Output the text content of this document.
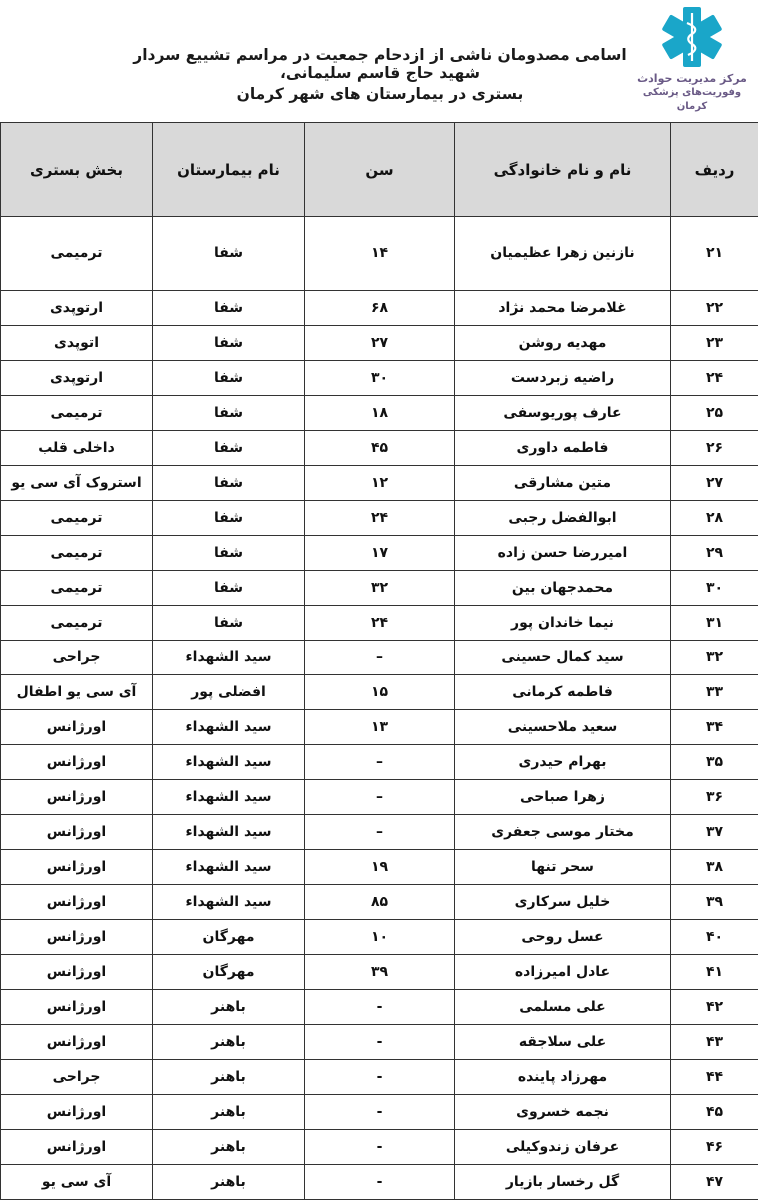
اسامی مصدومان ناشی از ازدحام جمعیت در مراسم تشییع سردار شهید حاج قاسم سلیمانی،
بستری در بیمارستان های شهر کرمان
مرکز مدیریت حوادث
وفوریت‌های پزشکی کرمان
ردیف	نام و نام خانوادگی	سن	نام بیمارستان	بخش بستری
۲۱	نازنین زهرا عظیمیان	۱۴	شفا	ترمیمی
۲۲	غلامرضا محمد نژاد	۶۸	شفا	ارتوپدی
۲۳	مهدیه روشن	۲۷	شفا	اتوپدی
۲۴	راضیه زبردست	۳۰	شفا	ارتوپدی
۲۵	عارف پوریوسفی	۱۸	شفا	ترمیمی
۲۶	فاطمه داوری	۴۵	شفا	داخلی قلب
۲۷	متین مشارقی	۱۲	شفا	استروک آی سی یو
۲۸	ابوالفضل رجبی	۲۴	شفا	ترمیمی
۲۹	امیررضا حسن زاده	۱۷	شفا	ترمیمی
۳۰	محمدجهان بین	۳۲	شفا	ترمیمی
۳۱	نیما خاندان پور	۲۴	شفا	ترمیمی
۳۲	سید کمال حسینی	–	سید الشهداء	جراحی
۳۳	فاطمه کرمانی	۱۵	افضلی پور	آی سی یو اطفال
۳۴	سعید ملاحسینی	۱۳	سید الشهداء	اورژانس
۳۵	بهرام حیدری	–	سید الشهداء	اورژانس
۳۶	زهرا صباحی	–	سید الشهداء	اورژانس
۳۷	مختار موسی جعفری	–	سید الشهداء	اورژانس
۳۸	سحر تنها	۱۹	سید الشهداء	اورژانس
۳۹	خلیل سرکاری	۸۵	سید الشهداء	اورژانس
۴۰	عسل روحی	۱۰	مهرگان	اورژانس
۴۱	عادل امیرزاده	۳۹	مهرگان	اورژانس
۴۲	علی مسلمی	-	باهنر	اورژانس
۴۳	علی سلاجقه	-	باهنر	اورژانس
۴۴	مهرزاد پاینده	-	باهنر	جراحی
۴۵	نجمه خسروی	-	باهنر	اورژانس
۴۶	عرفان زندوکیلی	-	باهنر	اورژانس
۴۷	گل رخسار بازیار	-	باهنر	آی سی یو
